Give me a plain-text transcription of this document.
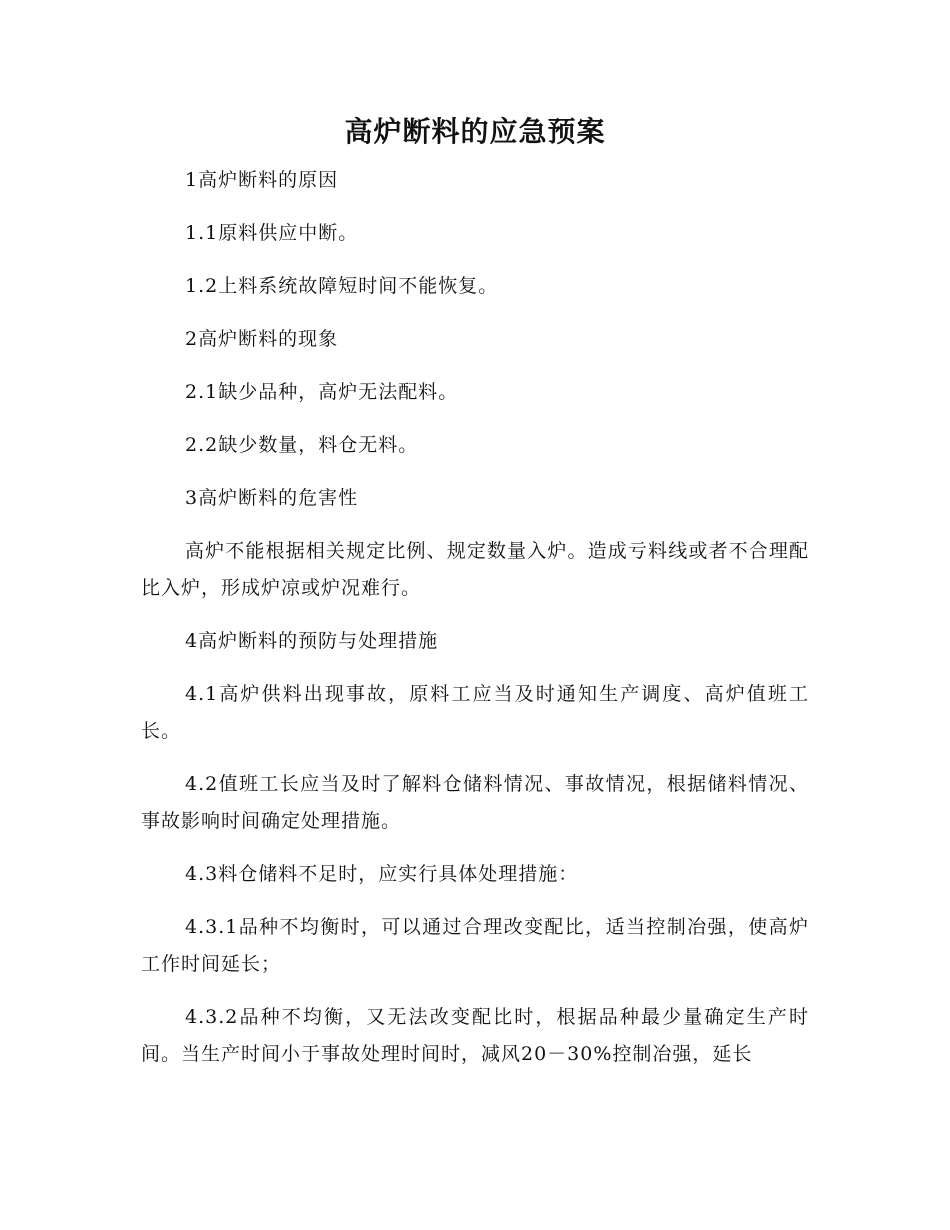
高炉断料的应急预案

1高炉断料的原因

1.1原料供应中断。

1.2上料系统故障短时间不能恢复。

2高炉断料的现象

2.1缺少品种，高炉无法配料。

2.2缺少数量，料仓无料。

3高炉断料的危害性

高炉不能根据相关规定比例、规定数量入炉。造成亏料线或者不合理配比入炉，形成炉凉或炉况难行。

4高炉断料的预防与处理措施

4.1高炉供料出现事故，原料工应当及时通知生产调度、高炉值班工长。

4.2值班工长应当及时了解料仓储料情况、事故情况，根据储料情况、事故影响时间确定处理措施。

4.3料仓储料不足时，应实行具体处理措施：

4.3.1品种不均衡时，可以通过合理改变配比，适当控制冶强，使高炉工作时间延长；

4.3.2品种不均衡，又无法改变配比时，根据品种最少量确定生产时间。当生产时间小于事故处理时间时，减风20－30%控制冶强，延长
